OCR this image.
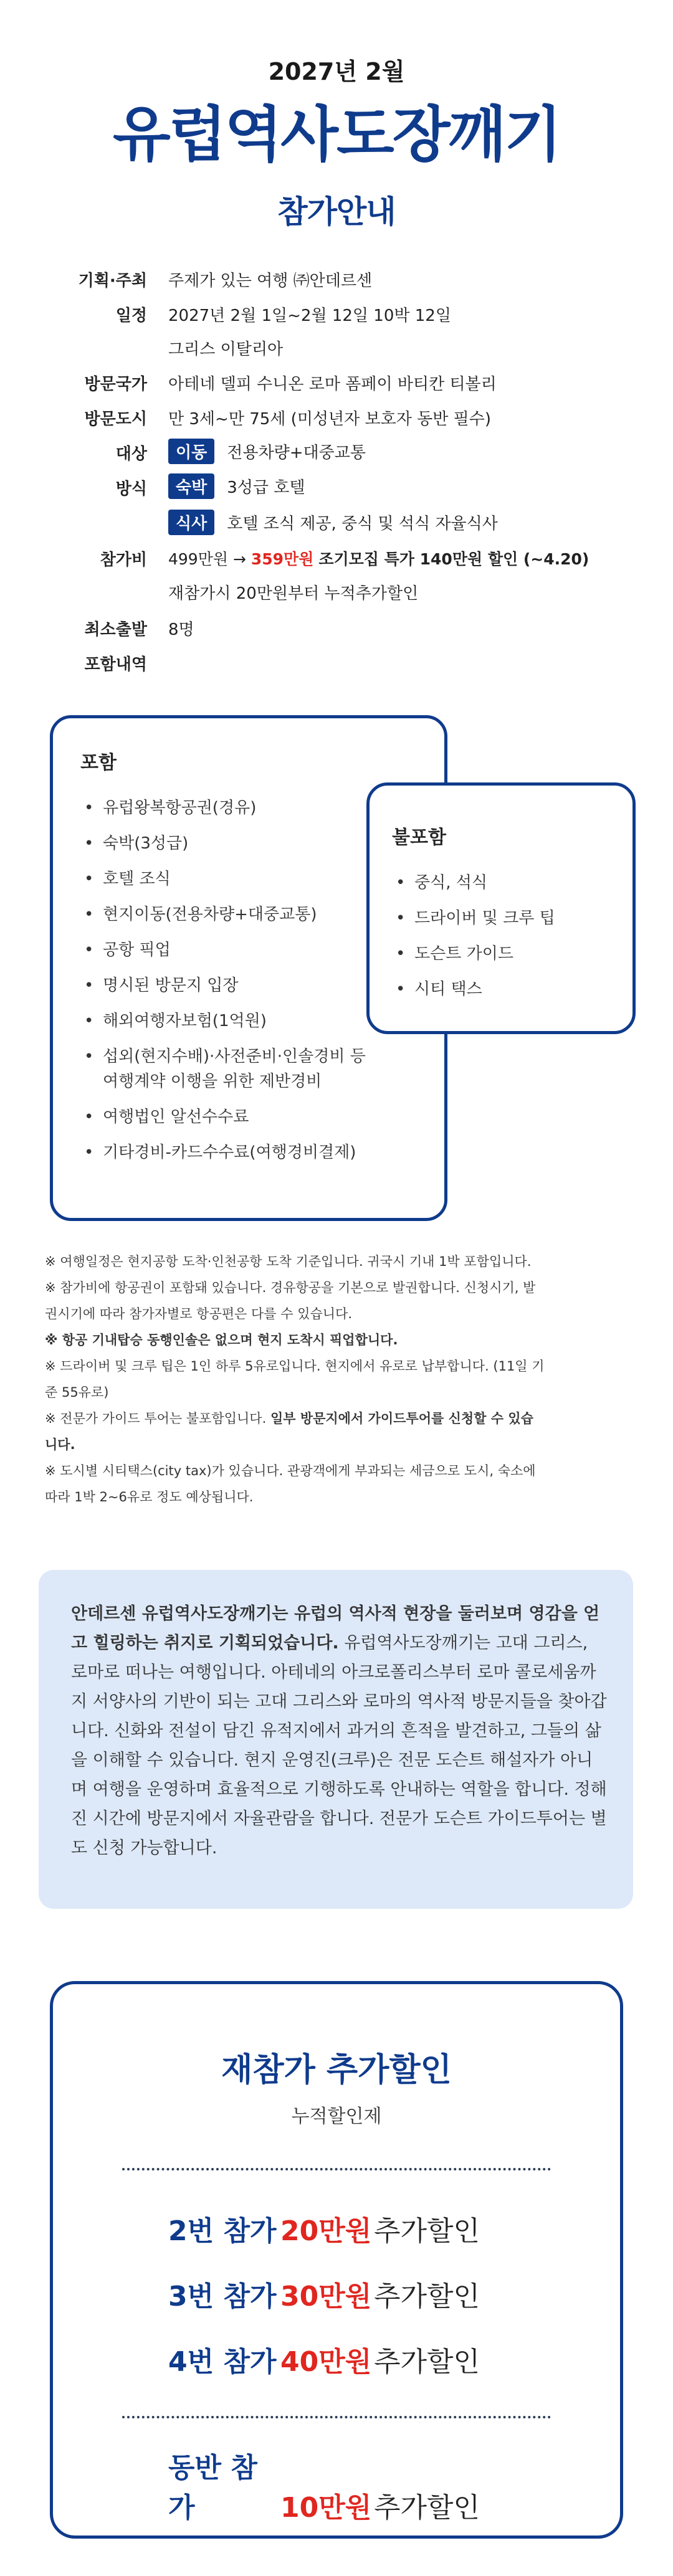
2027년 2월
유럽역사도장깨기
참가안내
기획·주최 주제가 있는 여행 ㈜안데르센
일정 2027년 2월 1일~2월 12일 10박 12일
그리스 이탈리아
방문국가 아테네 델피 수니온 로마 폼페이 바티칸 티볼리
방문도시 만 3세~만 75세 (미성년자 보호자 동반 필수)
대상	이동 전용차량+대중교통
방식	숙박 3성급 호텔
식사 호텔 조식 제공, 중식 및 석식 자율식사
참가비 499만원 → 359만원 조기모집 특가 140만원 할인 (~4.20)
재참가시 20만원부터 누적추가할인
최소출발 8명
포함내역
포함
• 유럽왕복항공권(경유)
• 숙박(3성급)
• 호텔 조식
• 현지이동(전용차량+대중교통)
• 공항 픽업
• 명시된 방문지 입장
• 해외여행자보험(1억원)
• 섭외(현지수배)·사전준비·인솔경비 등
여행계약 이행을 위한 제반경비
• 여행법인 알선수수료
• 기타경비-카드수수료(여행경비결제)
불포함
• 중식, 석식
• 드라이버 및 크루 팁
• 도슨트 가이드
• 시티 택스
※ 여행일정은 현지공항 도착·인천공항 도착 기준입니다. 귀국시 기내 1박 포함입니다.
※ 참가비에 항공권이 포함돼 있습니다. 경유항공을 기본으로 발권합니다. 신청시기, 발
권시기에 따라 참가자별로 항공편은 다를 수 있습니다.
※ 항공 기내탑승 동행인솔은 없으며 현지 도착시 픽업합니다.
※ 드라이버 및 크루 팁은 1인 하루 5유로입니다. 현지에서 유로로 납부합니다. (11일 기
준 55유로)
※ 전문가 가이드 투어는 불포함입니다. 일부 방문지에서 가이드투어를 신청할 수 있습
니다.
※ 도시별 시티택스(city tax)가 있습니다. 관광객에게 부과되는 세금으로 도시, 숙소에
따라 1박 2~6유로 정도 예상됩니다.
안데르센 유럽역사도장깨기는 유럽의 역사적 현장을 둘러보며 영감을 얻고 힐링하는 취지로 기획되었습니다. 유럽역사도장깨기는 고대 그리스, 로마로 떠나는 여행입니다. 아테네의 아크로폴리스부터 로마 콜로세움까지 서양사의 기반이 되는 고대 그리스와 로마의 역사적 방문지들을 찾아갑니다. 신화와 전설이 담긴 유적지에서 과거의 흔적을 발견하고, 그들의 삶을 이해할 수 있습니다. 현지 운영진(크루)은 전문 도슨트 해설자가 아니며 여행을 운영하며 효율적으로 기행하도록 안내하는 역할을 합니다. 정해진 시간에 방문지에서 자율관람을 합니다. 전문가 도슨트 가이드투어는 별도 신청 가능합니다.
재참가 추가할인
누적할인제
2번 참가 20만원추가할인
3번 참가 30만원추가할인
4번 참가 40만원추가할인
동반 참가	10만원추가할인
